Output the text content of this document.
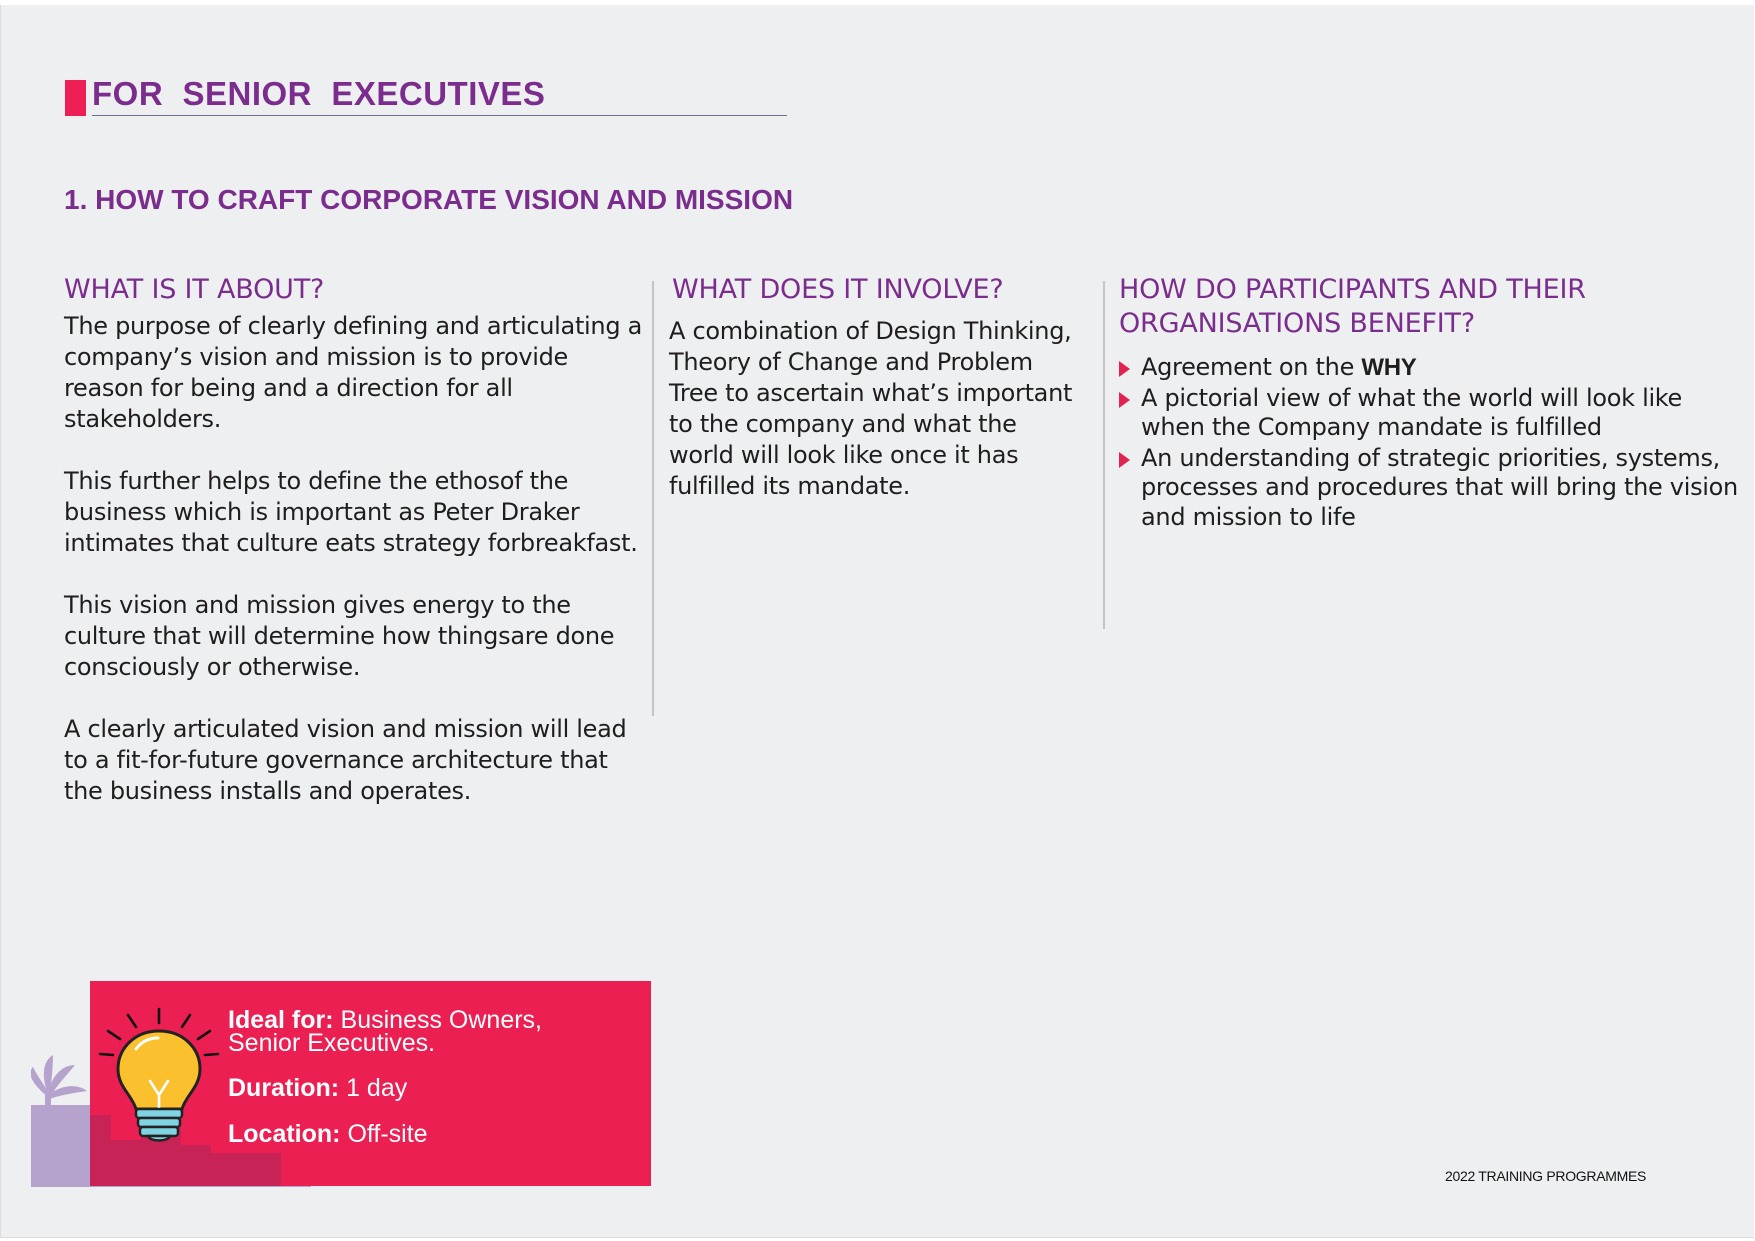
FOR  SENIOR  EXECUTIVES
1. HOW TO CRAFT CORPORATE VISION AND MISSION
WHAT IS IT ABOUT?

The purpose of clearly defining and articulating a company’s vision and mission is to provide reason for being and a direction for all stakeholders.

This further helps to define the ethosof the business which is important as Peter Draker intimates that culture eats strategy forbreakfast.

This vision and mission gives energy to the culture that will determine how thingsare done consciously or otherwise.

A clearly articulated vision and mission will lead to a fit-for-future governance architecture that the business installs and operates.

WHAT DOES IT INVOLVE?
A combination of Design Thinking, Theory of Change and Problem Tree to ascertain what’s important to the company and what the world will look like once it has fulfilled its mandate.
HOW DO PARTICIPANTS AND THEIR
ORGANISATIONS BENEFIT?
Agreement on the WHY
A pictorial view of what the world will look like when the Company mandate is fulfilled
An understanding of strategic priorities, systems, processes and procedures that will bring the vision and mission to life

Ideal for: Business Owners,

Senior Executives.

Duration: 1 day

Location: Off-site

2022 TRAINING PROGRAMMES
